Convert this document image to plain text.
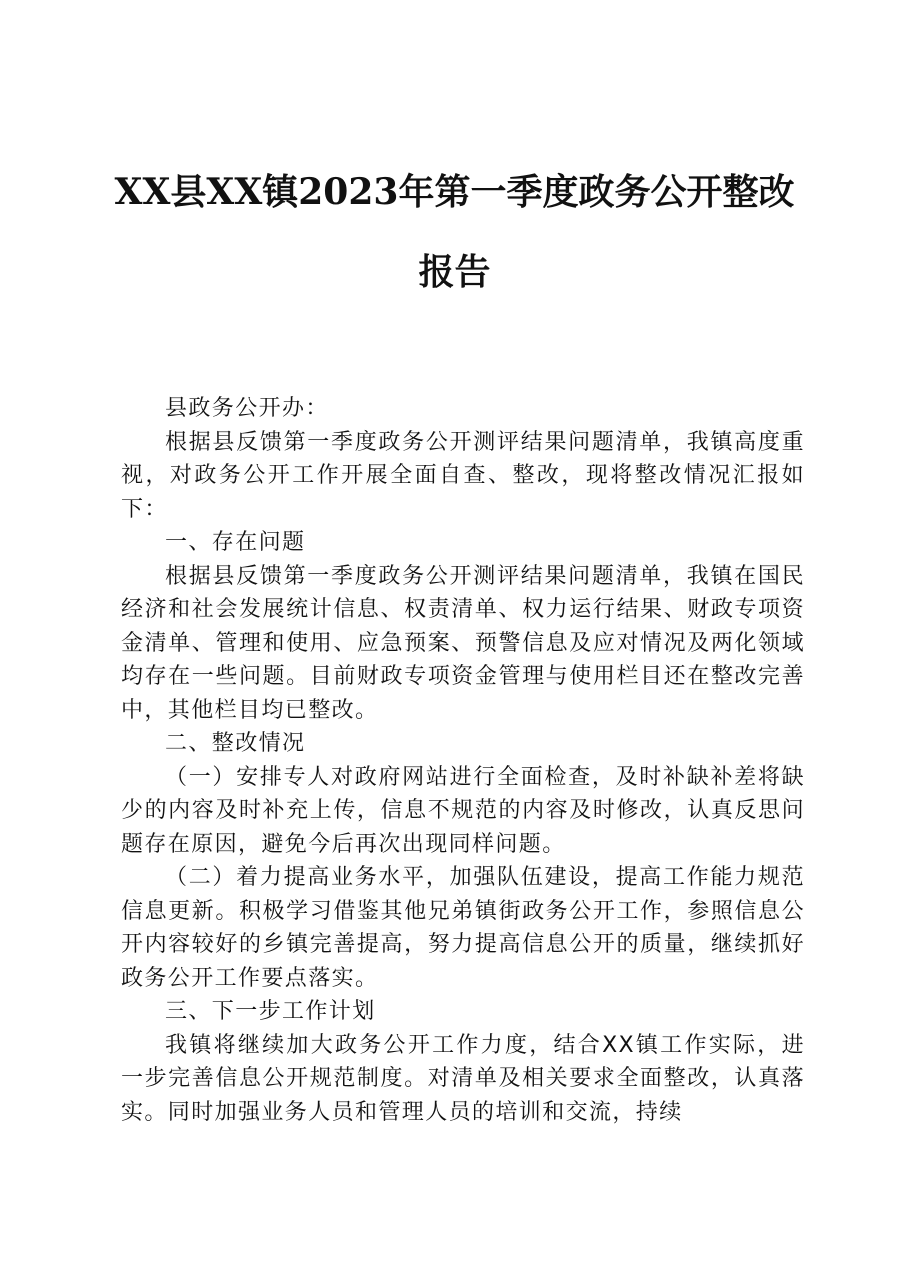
XX县XX镇2023年第一季度政务公开整改报告

县政务公开办：

根据县反馈第一季度政务公开测评结果问题清单，我镇高度重视，对政务公开工作开展全面自查、整改，现将整改情况汇报如下：

一、存在问题

根据县反馈第一季度政务公开测评结果问题清单，我镇在国民经济和社会发展统计信息、权责清单、权力运行结果、财政专项资金清单、管理和使用、应急预案、预警信息及应对情况及两化领域均存在一些问题。目前财政专项资金管理与使用栏目还在整改完善中，其他栏目均已整改。

二、整改情况

（一）安排专人对政府网站进行全面检查，及时补缺补差将缺少的内容及时补充上传，信息不规范的内容及时修改，认真反思问题存在原因，避免今后再次出现同样问题。

（二）着力提高业务水平，加强队伍建设，提高工作能力规范信息更新。积极学习借鉴其他兄弟镇街政务公开工作，参照信息公开内容较好的乡镇完善提高，努力提高信息公开的质量，继续抓好政务公开工作要点落实。

三、下一步工作计划

我镇将继续加大政务公开工作力度，结合XX镇工作实际，进一步完善信息公开规范制度。对清单及相关要求全面整改，认真落实。同时加强业务人员和管理人员的培训和交流，持续
